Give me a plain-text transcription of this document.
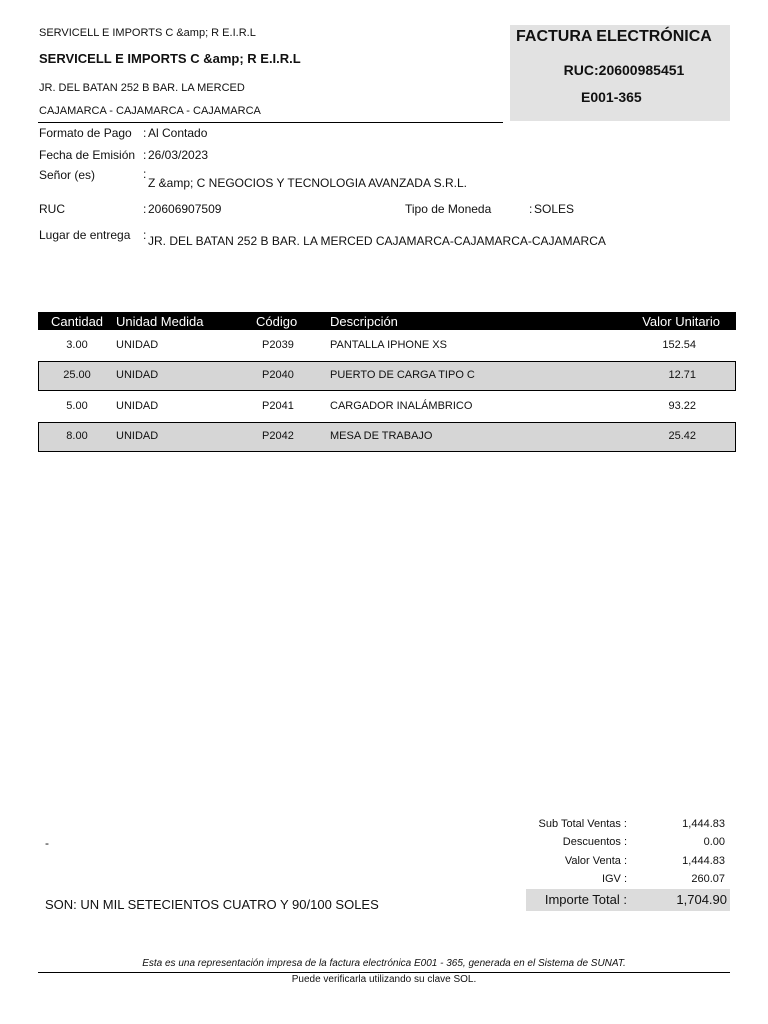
SERVICELL E IMPORTS C &amp; R E.I.R.L
SERVICELL E IMPORTS C &amp; R E.I.R.L
JR. DEL BATAN 252 B BAR. LA MERCED
CAJAMARCA - CAJAMARCA - CAJAMARCA
FACTURA ELECTRÓNICA
RUC:20600985451
E001-365
Formato de Pago : Al Contado
Fecha de Emisión : 26/03/2023
Señor (es)	:
Z &amp; C NEGOCIOS Y TECNOLOGIA AVANZADA S.R.L.
RUC	: 20606907509	Tipo de Moneda	: SOLES
Lugar de entrega : JR. DEL BATAN 252 B BAR. LA MERCED CAJAMARCA-CAJAMARCA-CAJAMARCA
Cantidad Unidad Medida	Código	Descripción	Valor Unitario
3.00	UNIDAD	P2039	PANTALLA IPHONE XS	152.54
25.00	UNIDAD	P2040	PUERTO DE CARGA TIPO C	12.71
5.00	UNIDAD	P2041	CARGADOR INALÁMBRICO	93.22
8.00	UNIDAD	P2042	MESA DE TRABAJO	25.42
Sub Total Ventas :	1,444.83
Descuentos :	0.00
Valor Venta :	1,444.83
IGV :	260.07
Importe Total :	1,704.90
-
SON: UN MIL SETECIENTOS CUATRO Y 90/100 SOLES
Esta es una representación impresa de la factura electrónica E001 - 365, generada en el Sistema de SUNAT.
Puede verificarla utilizando su clave SOL.
